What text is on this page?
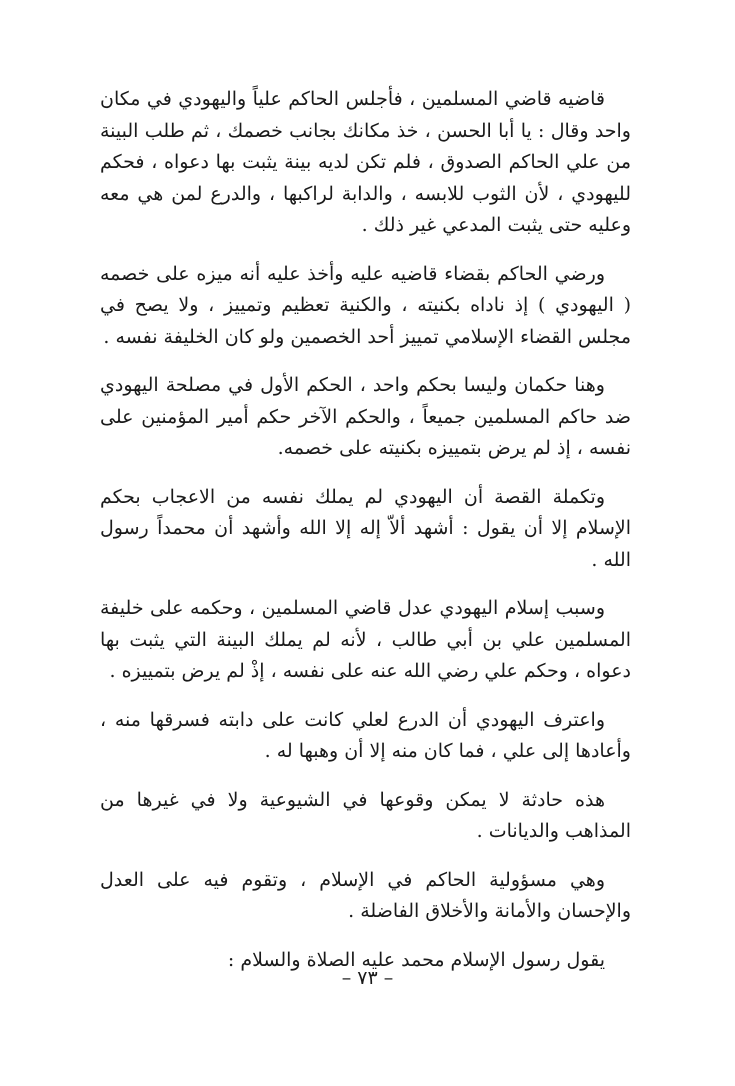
قاضيه قاضي المسلمين ، فأجلس الحاكم علياً واليهودي في مكان واحد وقال : يا أبا الحسن ، خذ مكانك بجانب خصمك ، ثم طلب البينة من علي الحاكم الصدوق ، فلم تكن لديه بينة يثبت بها دعواه ، فحكم لليهودي ، لأن الثوب للابسه ، والدابة لراكبها ، والدرع لمن هي معه وعليه حتى يثبت المدعي غير ذلك .

ورضي الحاكم بقضاء قاضيه عليه وأخذ عليه أنه ميزه على خصمه ( اليهودي ) إذ ناداه بكنيته ، والكنية تعظيم وتمييز ، ولا يصح في مجلس القضاء الإسلامي تمييز أحد الخصمين ولو كان الخليفة نفسه .

وهنا حكمان وليسا بحكم واحد ، الحكم الأول في مصلحة اليهودي ضد حاكم المسلمين جميعاً ، والحكم الآخر حكم أمير المؤمنين على نفسه ، إذ لم يرض بتمييزه بكنيته على خصمه.

وتكملة القصة أن اليهودي لم يملك نفسه من الاعجاب بحكم الإسلام إلا أن يقول : أشهد ألاّ إله إلا الله وأشهد أن محمداً رسول الله .

وسبب إسلام اليهودي عدل قاضي المسلمين ، وحكمه على خليفة المسلمين علي بن أبي طالب ، لأنه لم يملك البينة التي يثبت بها دعواه ، وحكم علي رضي الله عنه على نفسه ، إذْ لم يرض بتمييزه .

واعترف اليهودي أن الدرع لعلي كانت على دابته فسرقها منه ، وأعادها إلى علي ، فما كان منه إلا أن وهبها له .

هذه حادثة لا يمكن وقوعها في الشيوعية ولا في غيرها من المذاهب والديانات .

وهي مسؤولية الحاكم في الإسلام ، وتقوم فيه على العدل والإحسان والأمانة والأخلاق الفاضلة .

يقول رسول الإسلام محمد عليه الصلاة والسلام :

– ٧٣ –
